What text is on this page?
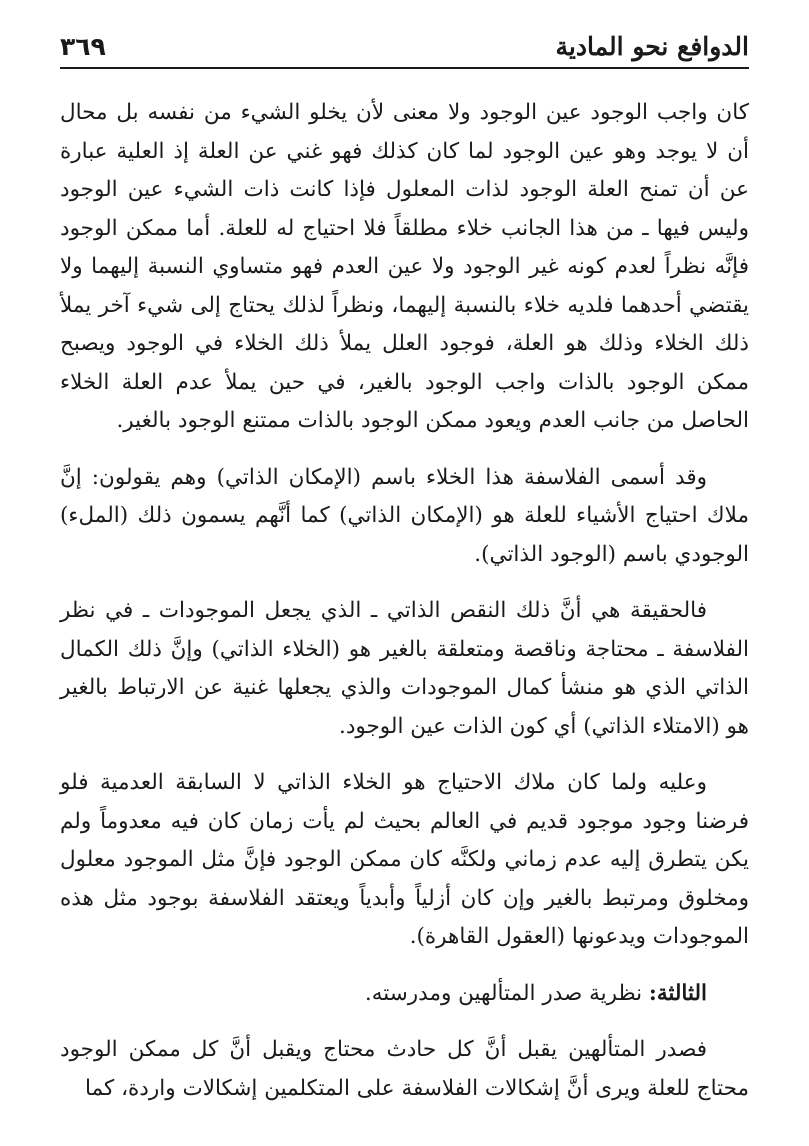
الدوافع نحو المادية
٣٦٩

كان واجب الوجود عين الوجود ولا معنى لأن يخلو الشيء من نفسه بل محال أن لا يوجد وهو عين الوجود لما كان كذلك فهو غني عن العلة إذ العلية عبارة عن أن تمنح العلة الوجود لذات المعلول فإذا كانت ذات الشيء عين الوجود وليس فيها ـ من هذا الجانب خلاء مطلقاً فلا احتياج له للعلة. أما ممكن الوجود فإنَّه نظراً لعدم كونه غير الوجود ولا عين العدم فهو متساوي النسبة إليهما ولا يقتضي أحدهما فلديه خلاء بالنسبة إليهما، ونظراً لذلك يحتاج إلى شيء آخر يملأ ذلك الخلاء وذلك هو العلة، فوجود العلل يملأ ذلك الخلاء في الوجود ويصبح ممكن الوجود بالذات واجب الوجود بالغير، في حين يملأ عدم العلة الخلاء الحاصل من جانب العدم ويعود ممكن الوجود بالذات ممتنع الوجود بالغير.

وقد أسمى الفلاسفة هذا الخلاء باسم (الإمكان الذاتي) وهم يقولون: إنَّ ملاك احتياج الأشياء للعلة هو (الإمكان الذاتي) كما أنَّهم يسمون ذلك (الملء) الوجودي باسم (الوجود الذاتي).

فالحقيقة هي أنَّ ذلك النقص الذاتي ـ الذي يجعل الموجودات ـ في نظر الفلاسفة ـ محتاجة وناقصة ومتعلقة بالغير هو (الخلاء الذاتي) وإنَّ ذلك الكمال الذاتي الذي هو منشأ كمال الموجودات والذي يجعلها غنية عن الارتباط بالغير هو (الامتلاء الذاتي) أي كون الذات عين الوجود.

وعليه ولما كان ملاك الاحتياج هو الخلاء الذاتي لا السابقة العدمية فلو فرضنا وجود موجود قديم في العالم بحيث لم يأت زمان كان فيه معدوماً ولم يكن يتطرق إليه عدم زماني ولكنَّه كان ممكن الوجود فإنَّ مثل الموجود معلول ومخلوق ومرتبط بالغير وإن كان أزلياً وأبدياً ويعتقد الفلاسفة بوجود مثل هذه الموجودات ويدعونها (العقول القاهرة).

الثالثة: نظرية صدر المتألهين ومدرسته.

فصدر المتألهين يقبل أنَّ كل حادث محتاج ويقبل أنَّ كل ممكن الوجود محتاج للعلة ويرى أنَّ إشكالات الفلاسفة على المتكلمين إشكالات واردة، كما
